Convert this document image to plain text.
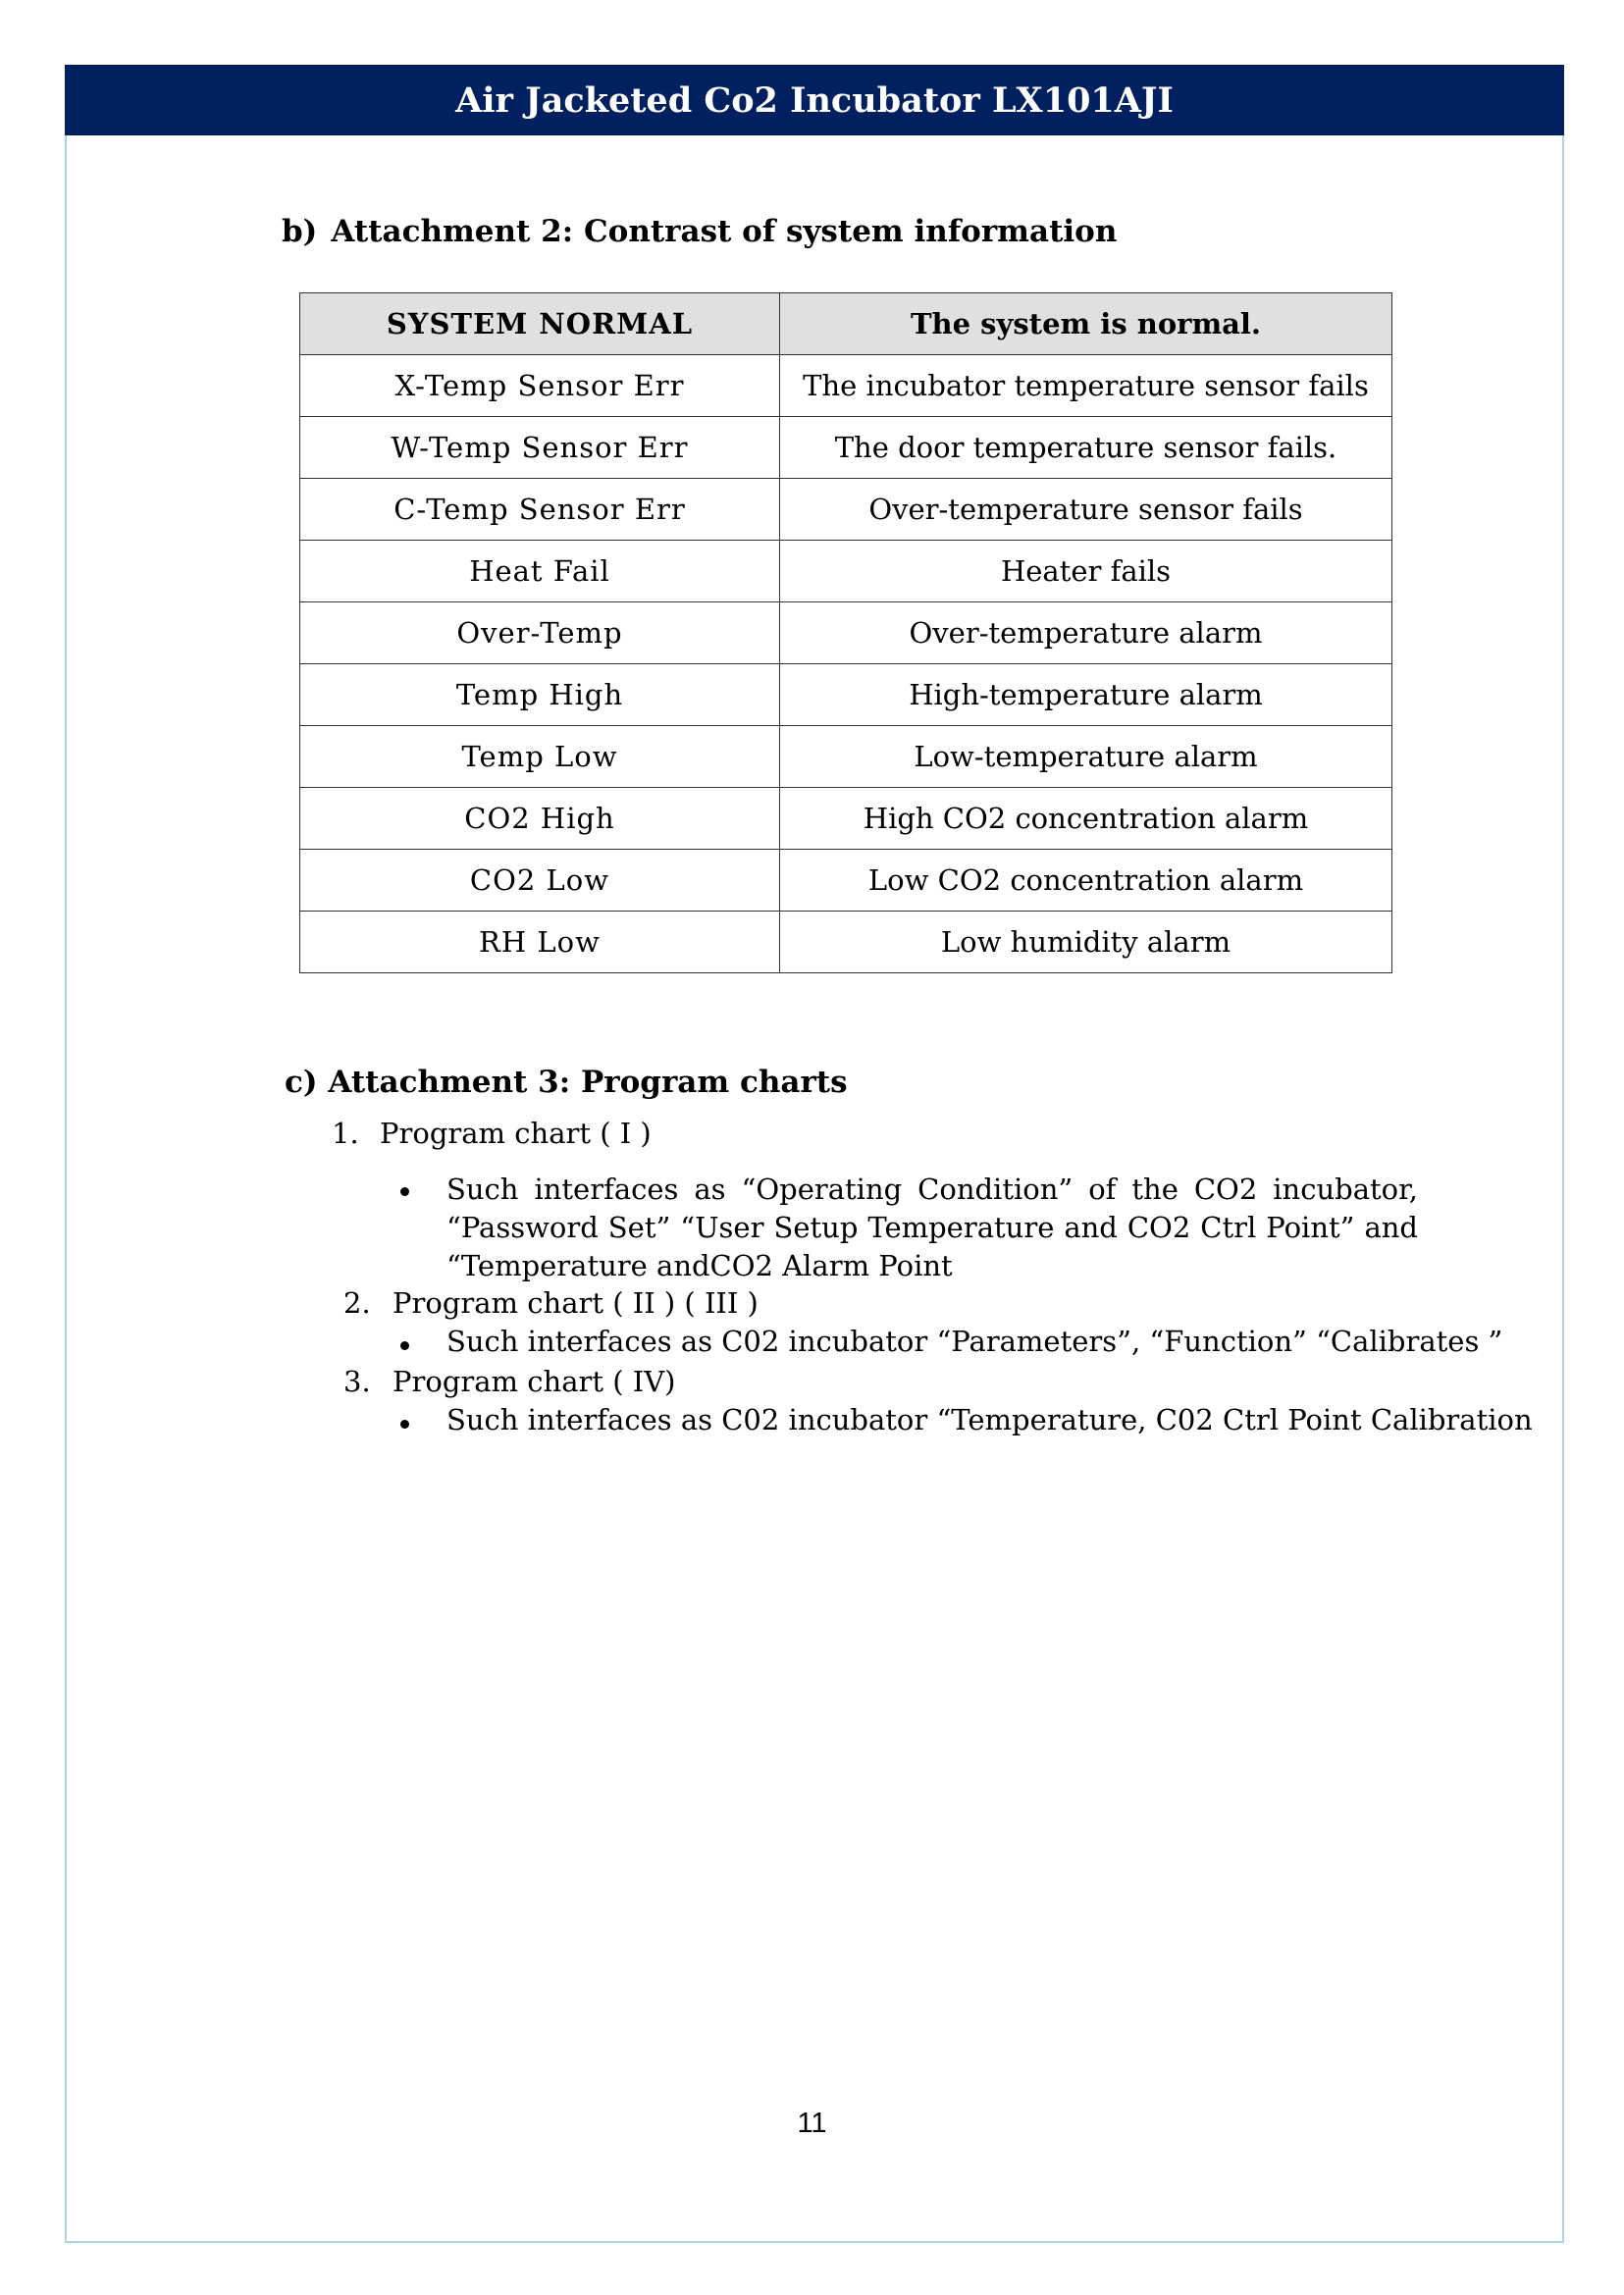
Air Jacketed Co2 Incubator LX101AJI
b) Attachment 2: Contrast of system information
SYSTEM NORMAL	The system is normal.
X-Temp Sensor Err	The incubator temperature sensor fails
W-Temp Sensor Err	The door temperature sensor fails.
C-Temp Sensor Err	Over-temperature sensor fails
Heat Fail	Heater fails
Over-Temp	Over-temperature alarm
Temp High	High-temperature alarm
Temp Low	Low-temperature alarm
CO2 High	High CO2 concentration alarm
CO2 Low	Low CO2 concentration alarm
RH Low	Low humidity alarm
c) Attachment 3: Program charts
1. Program chart ( I )
Such interfaces as “Operating Condition” of the CO2 incubator, “Password Set” “User Setup Temperature and CO2 Ctrl Point” and “Temperature andCO2 Alarm Point
2. Program chart ( II ) ( III )
Such interfaces as C02 incubator “Parameters”, “Function” “Calibrates ”
3. Program chart ( IV)
Such interfaces as C02 incubator “Temperature, C02 Ctrl Point Calibration
11
